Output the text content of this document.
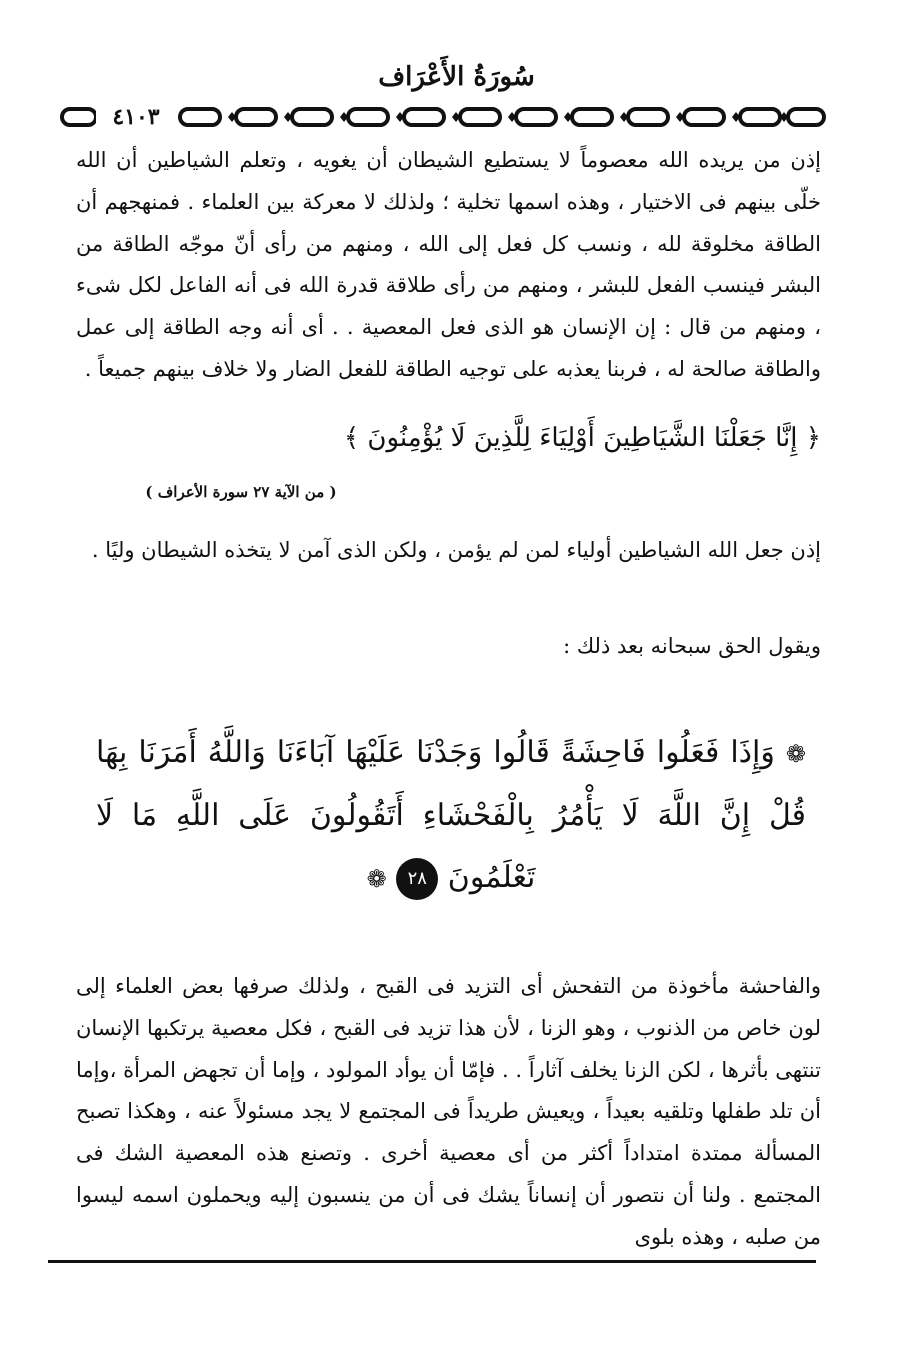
سُورَةُ الأَعْرَاف
٤١٠٣
إذن من يريده الله معصوماً لا يستطيع الشيطان أن يغويه ، وتعلم الشياطين أن الله خلّى بينهم فى الاختيار ، وهذه اسمها تخلية ؛ ولذلك لا معركة بين العلماء . فمنهجهم أن الطاقة مخلوقة لله ، ونسب كل فعل إلى الله ، ومنهم من رأى أنّ موجّه الطاقة من البشر فينسب الفعل للبشر ، ومنهم من رأى طلاقة قدرة الله فى أنه الفاعل لكل شىء ، ومنهم من قال : إن الإنسان هو الذى فعل المعصية . . أى أنه وجه الطاقة إلى عمل والطاقة صالحة له ، فربنا يعذبه على توجيه الطاقة للفعل الضار ولا خلاف بينهم جميعاً .
﴿ إِنَّا جَعَلْنَا الشَّيَاطِينَ أَوْلِيَاءَ لِلَّذِينَ لَا يُؤْمِنُونَ ﴾
( من الآية ٢٧ سورة الأعراف )
إذن جعل الله الشياطين أولياء لمن لم يؤمن ، ولكن الذى آمن لا يتخذه الشيطان وليًا .
ويقول الحق سبحانه بعد ذلك :
❁ وَإِذَا فَعَلُوا فَاحِشَةً قَالُوا وَجَدْنَا عَلَيْهَا آبَاءَنَا وَاللَّهُ أَمَرَنَا بِهَا قُلْ إِنَّ اللَّهَ لَا يَأْمُرُ بِالْفَحْشَاءِ أَتَقُولُونَ عَلَى اللَّهِ مَا لَا تَعْلَمُونَ ٢٨ ❁
والفاحشة مأخوذة من التفحش أى التزيد فى القبح ، ولذلك صرفها بعض العلماء إلى لون خاص من الذنوب ، وهو الزنا ، لأن هذا تزيد فى القبح ، فكل معصية يرتكبها الإنسان تنتهى بأثرها ، لكن الزنا يخلف آثاراً . . فإمّا أن يوأد المولود ، وإما أن تجهض المرأة ،وإما أن تلد طفلها وتلقيه بعيداً ، ويعيش طريداً فى المجتمع لا يجد مسئولاً عنه ، وهكذا تصبح المسألة ممتدة امتداداً أكثر من أى معصية أخرى . وتصنع هذه المعصية الشك فى المجتمع . ولنا أن نتصور أن إنساناً يشك فى أن من ينسبون إليه ويحملون اسمه ليسوا من صلبه ، وهذه بلوى
